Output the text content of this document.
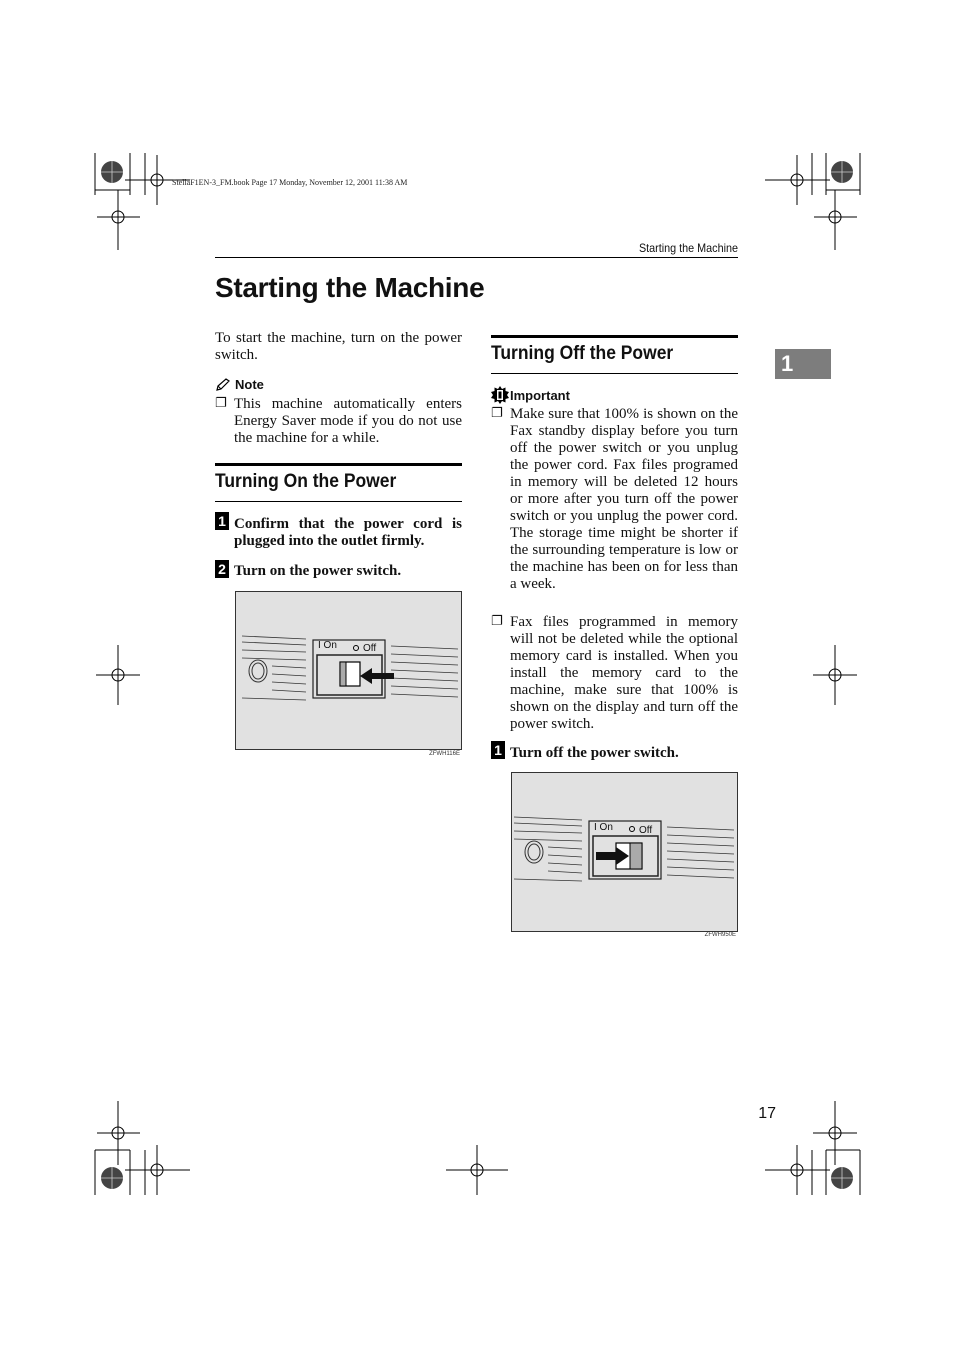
StellaF1EN-3_FM.book Page 17 Monday, November 12, 2001 11:38 AM
Starting the Machine
Starting the Machine
To start the machine, turn on the power switch.
Note
❐ This machine automatically enters Energy Saver mode if you do not use the machine for a while.
Turning On the Power
1 Confirm that the power cord is plugged into the outlet firmly.
2 Turn on the power switch.
I On	Off
ZFWH116E
Turning Off the Power
Important
❐ Make sure that 100% is shown on the Fax standby display before you turn off the power switch or you unplug the power cord. Fax files programed in memory will be deleted 12 hours or more after you turn off the power switch or you unplug the power cord. The storage time might be shorter if the surrounding temperature is low or the machine has been on for less than a week.
❐ Fax files programmed in memory will not be deleted while the optional memory card is installed. When you install the memory card to the machine, make sure that 100% is shown on the display and turn off the power switch.
1 Turn off the power switch.
I On	Off
ZFWH950E
1
17
